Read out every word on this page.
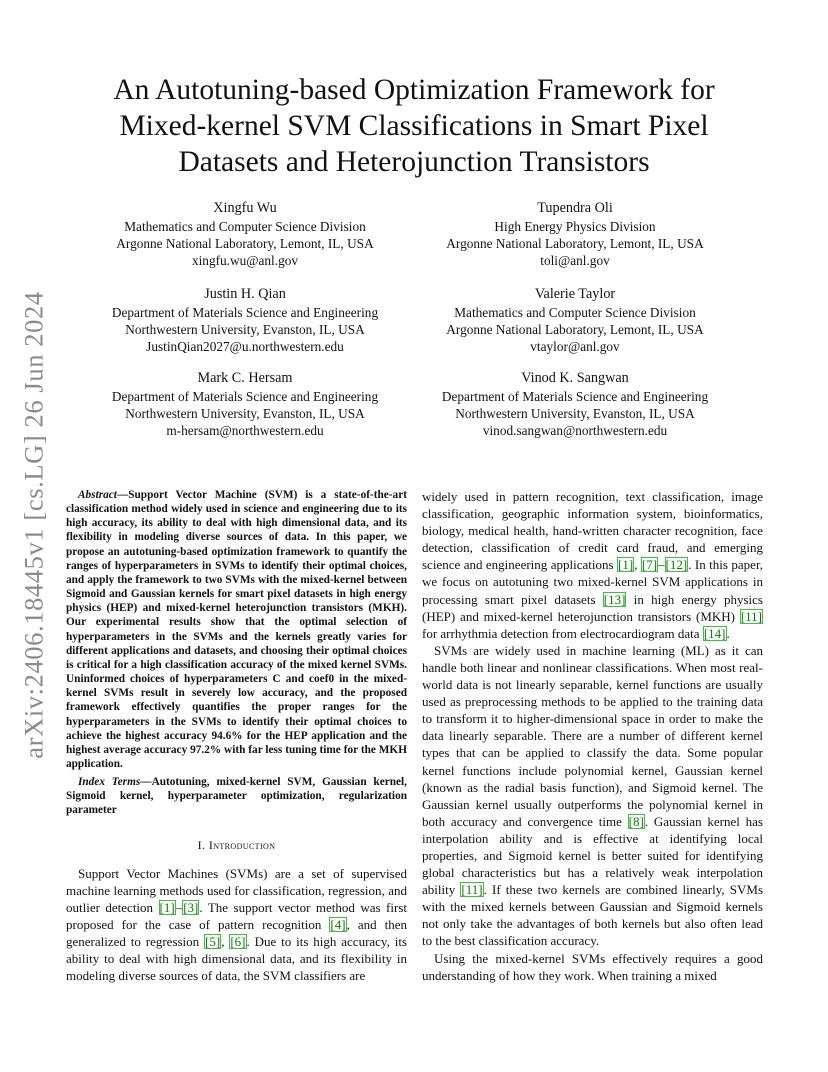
arXiv:2406.18445v1 [cs.LG] 26 Jun 2024
An Autotuning-based Optimization Framework for
Mixed-kernel SVM Classifications in Smart Pixel
Datasets and Heterojunction Transistors
Xingfu Wu
Mathematics and Computer Science Division
Argonne National Laboratory, Lemont, IL, USA
xingfu.wu@anl.gov
Tupendra Oli
High Energy Physics Division
Argonne National Laboratory, Lemont, IL, USA
toli@anl.gov
Justin H. Qian
Department of Materials Science and Engineering
Northwestern University, Evanston, IL, USA
JustinQian2027@u.northwestern.edu
Valerie Taylor
Mathematics and Computer Science Division
Argonne National Laboratory, Lemont, IL, USA
vtaylor@anl.gov
Mark C. Hersam
Department of Materials Science and Engineering
Northwestern University, Evanston, IL, USA
m-hersam@northwestern.edu
Vinod K. Sangwan
Department of Materials Science and Engineering
Northwestern University, Evanston, IL, USA
vinod.sangwan@northwestern.edu

Abstract—Support Vector Machine (SVM) is a state-of-the-art classification method widely used in science and engineering due to its high accuracy, its ability to deal with high dimensional data, and its flexibility in modeling diverse sources of data. In this paper, we propose an autotuning-based optimization framework to quantify the ranges of hyperparameters in SVMs to identify their optimal choices, and apply the framework to two SVMs with the mixed-kernel between Sigmoid and Gaussian kernels for smart pixel datasets in high energy physics (HEP) and mixed-kernel heterojunction transistors (MKH). Our experimental results show that the optimal selection of hyperparameters in the SVMs and the kernels greatly varies for different applications and datasets, and choosing their optimal choices is critical for a high classification accuracy of the mixed kernel SVMs. Uninformed choices of hyperparameters C and coef0 in the mixed-kernel SVMs result in severely low accuracy, and the proposed framework effectively quantifies the proper ranges for the hyperparameters in the SVMs to identify their optimal choices to achieve the highest accuracy 94.6% for the HEP application and the highest average accuracy 97.2% with far less tuning time for the MKH application.

Index Terms—Autotuning, mixed-kernel SVM, Gaussian kernel, Sigmoid kernel, hyperparameter optimization, regularization parameter

I. Introduction

Support Vector Machines (SVMs) are a set of supervised machine learning methods used for classification, regression, and outlier detection [1]–[3]. The support vector method was first proposed for the case of pattern recognition [4], and then generalized to regression [5], [6]. Due to its high accuracy, its ability to deal with high dimensional data, and its flexibility in modeling diverse sources of data, the SVM classifiers are

widely used in pattern recognition, text classification, image classification, geographic information system, bioinformatics, biology, medical health, hand-written character recognition, face detection, classification of credit card fraud, and emerging science and engineering applications [1], [7]–[12]. In this paper, we focus on autotuning two mixed-kernel SVM applications in processing smart pixel datasets [13] in high energy physics (HEP) and mixed-kernel heterojunction transistors (MKH) [11] for arrhythmia detection from electrocardiogram data [14].

SVMs are widely used in machine learning (ML) as it can handle both linear and nonlinear classifications. When most real-world data is not linearly separable, kernel functions are usually used as preprocessing methods to be applied to the training data to transform it to higher-dimensional space in order to make the data linearly separable. There are a number of different kernel types that can be applied to classify the data. Some popular kernel functions include polynomial kernel, Gaussian kernel (known as the radial basis function), and Sigmoid kernel. The Gaussian kernel usually outperforms the polynomial kernel in both accuracy and convergence time [8]. Gaussian kernel has interpolation ability and is effective at identifying local properties, and Sigmoid kernel is better suited for identifying global characteristics but has a relatively weak interpolation ability [11]. If these two kernels are combined linearly, SVMs with the mixed kernels between Gaussian and Sigmoid kernels not only take the advantages of both kernels but also often lead to the best classification accuracy.

Using the mixed-kernel SVMs effectively requires a good understanding of how they work. When training a mixed
